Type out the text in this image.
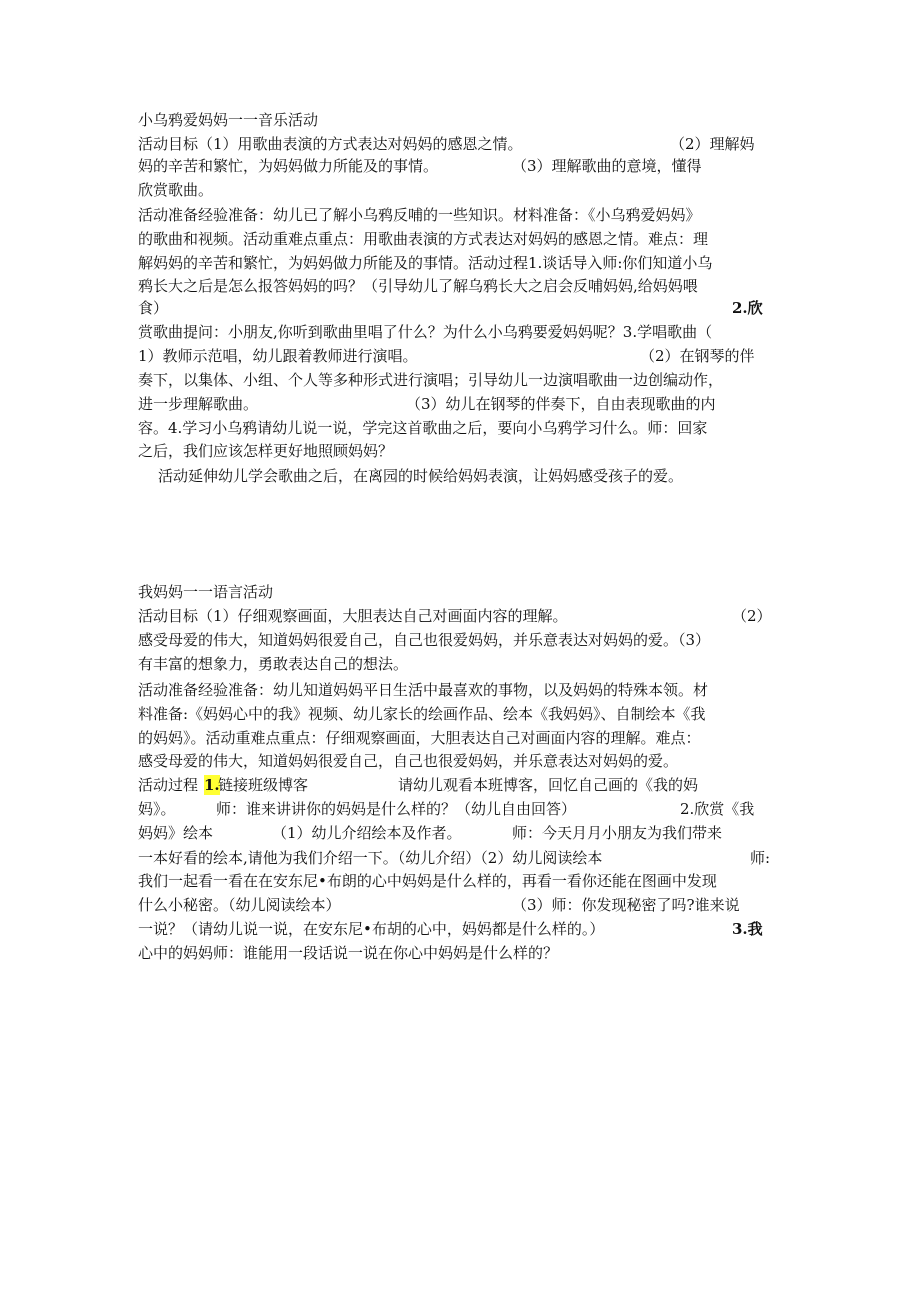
小乌鸦爱妈妈一一音乐活动
活动目标（1）用歌曲表演的方式表达对妈妈的感恩之情。	（2）理解妈
妈的辛苦和繁忙，为妈妈做力所能及的事情。	（3）理解歌曲的意境，懂得
欣赏歌曲。
活动准备经验准备：幼儿已了解小乌鸦反哺的一些知识。材料准备：《小乌鸦爱妈妈》
的歌曲和视频。活动重难点重点：用歌曲表演的方式表达对妈妈的感恩之情。难点：理
解妈妈的辛苦和繁忙，为妈妈做力所能及的事情。活动过程1.谈话导入师:你们知道小乌
鸦长大之后是怎么报答妈妈的吗？（引导幼儿了解乌鸦长大之启会反哺妈妈,给妈妈喂
食）	2.欣
赏歌曲提问：小朋友,你听到歌曲里唱了什么？为什么小乌鸦要爱妈妈呢？3.学唱歌曲（
1）教师示范唱，幼儿跟着教师进行演唱。	（2）在钢琴的伴
奏下，以集体、小组、个人等多种形式进行演唱；引导幼儿一边演唱歌曲一边创编动作，
进一步理解歌曲。	（3）幼儿在钢琴的伴奏下，自由表现歌曲的内
容。4.学习小乌鸦请幼儿说一说，学完这首歌曲之后，要向小乌鸦学习什么。师：回家
之后，我们应该怎样更好地照顾妈妈？
活动延伸幼儿学会歌曲之后，在离园的时候给妈妈表演，让妈妈感受孩子的爱。
我妈妈一一语言活动
活动目标（1）仔细观察画面，大胆表达自己对画面内容的理解。	（2）
感受母爱的伟大，知道妈妈很爱自己，自己也很爱妈妈，并乐意表达对妈妈的爱。（3）
有丰富的想象力，勇敢表达自己的想法。
活动准备经验准备：幼儿知道妈妈平日生活中最喜欢的事物，以及妈妈的特殊本领。材
料准备:《妈妈心中的我》视频、幼儿家长的绘画作品、绘本《我妈妈》、自制绘本《我
的妈妈》。活动重难点重点：仔细观察画面，大胆表达自己对画面内容的理解。难点：
感受母爱的伟大，知道妈妈很爱自己，自己也很爱妈妈，并乐意表达对妈妈的爱。
活动过程 1.
链接班级博客	请幼儿观看本班博客，回忆自己画的《我的妈
妈》。	师：谁来讲讲你的妈妈是什么样的？（幼儿自由回答）	2.欣赏《我
妈妈》绘本	（1）幼儿介绍绘本及作者。	师：今天月月小朋友为我们带来
一本好看的绘本,请他为我们介绍一下。（幼儿介绍）（2）幼儿阅读绘本	师:
我们一起看一看在在安东尼•布朗的心中妈妈是什么样的，再看一看你还能在图画中发现
什么小秘密。（幼儿阅读绘本）	（3）师：你发现秘密了吗?谁来说
一说？（请幼儿说一说，在安东尼•布胡的心中，妈妈都是什么样的。）	3.我
心中的妈妈师：谁能用一段话说一说在你心中妈妈是什么样的？
